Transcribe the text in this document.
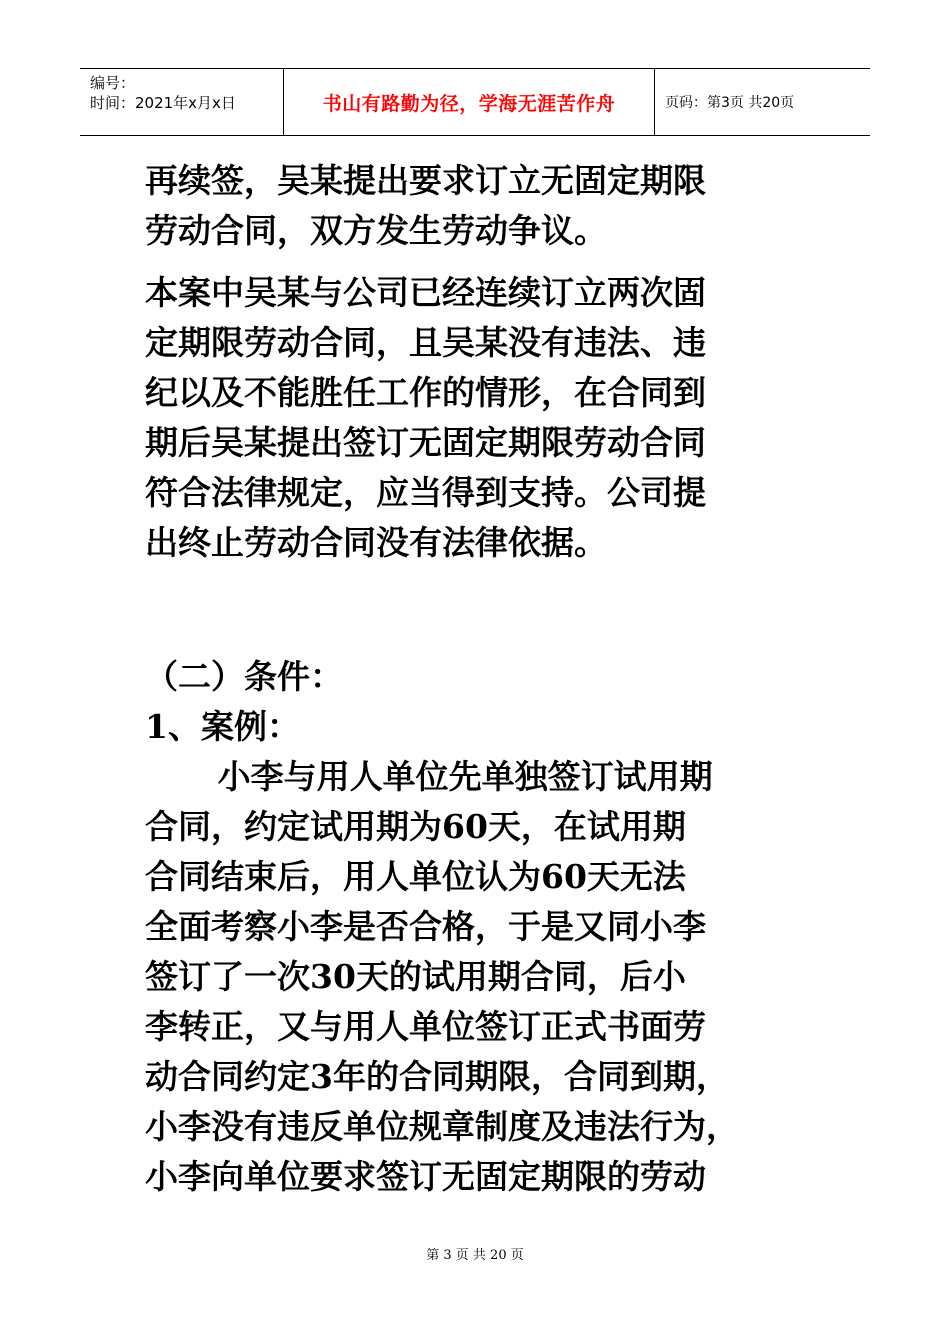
编号：
时间：2021年x月x日	书山有路勤为径，学海无涯苦作舟	页码：第3页 共20页

再续签，吴某提出要求订立无固定期限
劳动合同，双方发生劳动争议。

本案中吴某与公司已经连续订立两次固
定期限劳动合同，且吴某没有违法、违
纪以及不能胜任工作的情形，在合同到
期后吴某提出签订无固定期限劳动合同
符合法律规定，应当得到支持。公司提
出终止劳动合同没有法律依据。

（二）条件：

1、案例：

小李与用人单位先单独签订试用期
合同，约定试用期为60天，在试用期
合同结束后，用人单位认为60天无法
全面考察小李是否合格，于是又同小李
签订了一次30天的试用期合同，后小
李转正，又与用人单位签订正式书面劳
动合同约定3年的合同期限，合同到期，
小李没有违反单位规章制度及违法行为，
小李向单位要求签订无固定期限的劳动

第 3 页 共 20 页
